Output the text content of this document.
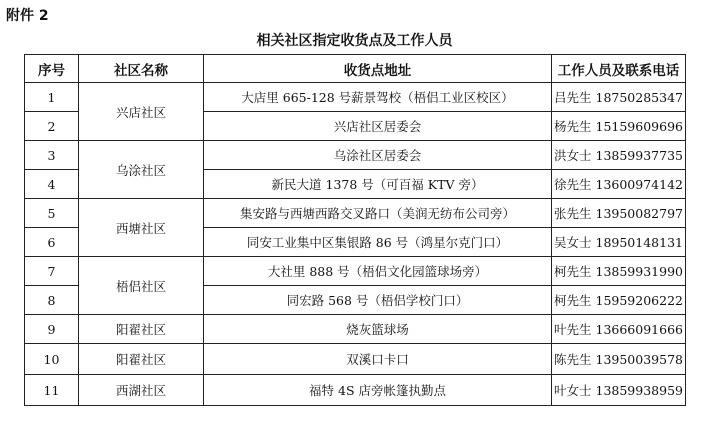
附件 2
相关社区指定收货点及工作人员
序号	社区名称	收货点地址	工作人员及联系电话
1	兴店社区	大店里 665-128 号薪景驾校（梧侣工业区校区）	吕先生 18750285347
2		兴店社区居委会	杨先生 15159609696
3	乌涂社区	乌涂社区居委会	洪女士 13859937735
4		新民大道 1378 号（可百福 KTV 旁）	徐先生 13600974142
5	西塘社区	集安路与西塘西路交叉路口（美润无纺布公司旁）	张先生 13950082797
6		同安工业集中区集银路 86 号（鸿星尔克门口）	吴女士 18950148131
7	梧侣社区	大社里 888 号（梧侣文化园篮球场旁）	柯先生 13859931990
8		同宏路 568 号（梧侣学校门口）	柯先生 15959206222
9	阳翟社区	烧灰篮球场	叶先生 13666091666
10	阳翟社区	双溪口卡口	陈先生 13950039578
11	西湖社区	福特 4S 店旁帐篷执勤点	叶女士 13859938959
